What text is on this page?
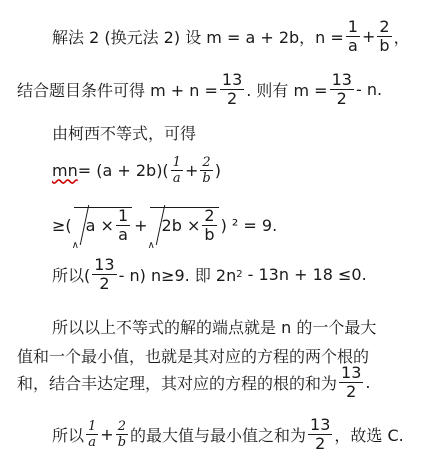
解法 2 (换元法 2) 设 m = a + 2b，$n = \frac{1}{a} + \frac{2}{b}$ ，
结合题目条件可得 $m + n = \frac{13}{2}$ . 则有 $m = \frac{13}{2} - n$.
由柯西不等式，可得
mn = $(a + 2b)( \frac{1}{a} + \frac{2}{b}$ )
≥(
∧
$a \times \frac{1}{a}$ +
∧
$2b \times \frac{2}{b}$ ) ² = 9.
所以( $\frac{13}{2} - n$) n≥9. 即 2n 2 - 13n + 18 ≤0.
所以以上不等式的解的端点就是 n 的一个最大
值和一个最小值，也就是其对应的方程的两个根的
和，结合丰达定理，其对应的方程的根的和为 $\frac{13}{2}$ .
所以 $\frac{1}{a} + \frac{2}{b}$ 的最大值与最小值之和为 $\frac{13}{2}$ ，故选 C.
